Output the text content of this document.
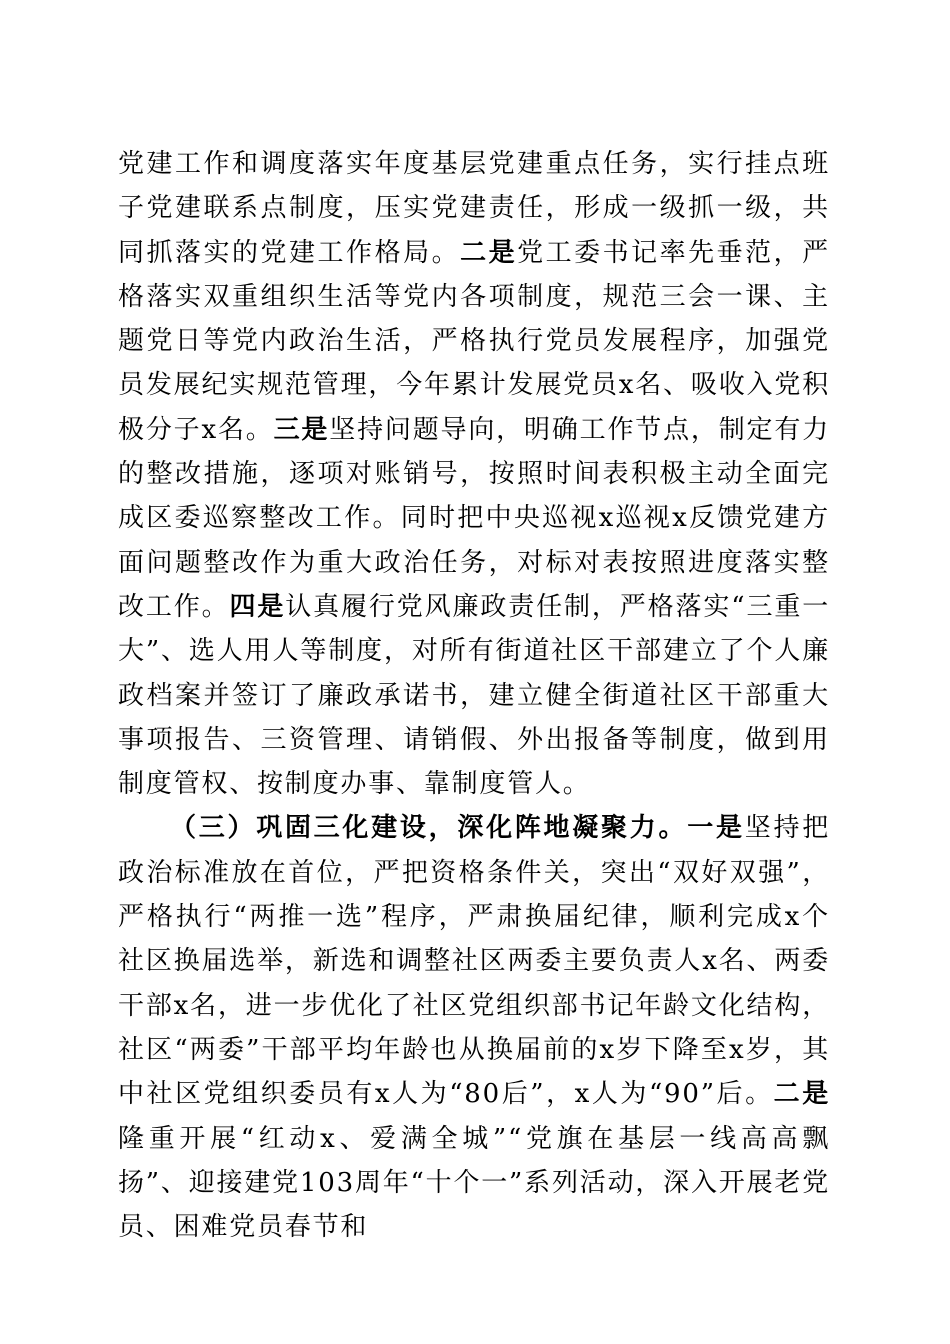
党建工作和调度落实年度基层党建重点任务，实行挂点班子党建联系点制度，压实党建责任，形成一级抓一级，共同抓落实的党建工作格局。二是党工委书记率先垂范，严格落实双重组织生活等党内各项制度，规范三会一课、主题党日等党内政治生活，严格执行党员发展程序，加强党员发展纪实规范管理，今年累计发展党员x名、吸收入党积极分子x名。三是坚持问题导向，明确工作节点，制定有力的整改措施，逐项对账销号，按照时间表积极主动全面完成区委巡察整改工作。同时把中央巡视x巡视x反馈党建方面问题整改作为重大政治任务，对标对表按照进度落实整改工作。四是认真履行党风廉政责任制，严格落实“三重一大”、选人用人等制度，对所有街道社区干部建立了个人廉政档案并签订了廉政承诺书，建立健全街道社区干部重大事项报告、三资管理、请销假、外出报备等制度，做到用制度管权、按制度办事、靠制度管人。

（三）巩固三化建设，深化阵地凝聚力。一是坚持把政治标准放在首位，严把资格条件关，突出“双好双强”，严格执行“两推一选”程序，严肃换届纪律，顺利完成x个社区换届选举，新选和调整社区两委主要负责人x名、两委干部x名，进一步优化了社区党组织部书记年龄文化结构，社区“两委”干部平均年龄也从换届前的x岁下降至x岁，其中社区党组织委员有x人为“80后”，x人为“90”后。二是隆重开展“红动x、爱满全城”“党旗在基层一线高高飘扬”、迎接建党103周年“十个一”系列活动，深入开展老党员、困难党员春节和
